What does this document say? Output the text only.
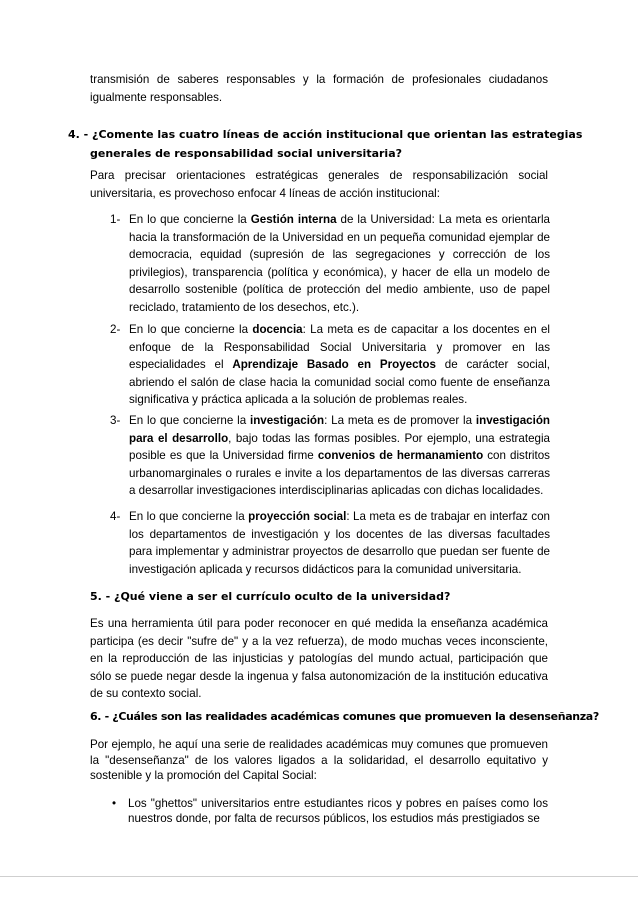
transmisión de saberes responsables y la formación de profesionales ciudadanos
igualmente responsables.

4. - ¿Comente las cuatro líneas de acción institucional que orientan las estrategias
generales de responsabilidad social universitaria?

Para precisar orientaciones estratégicas generales de responsabilización social universitaria, es provechoso enfocar 4 líneas de acción institucional:

1- En lo que concierne la Gestión interna de la Universidad: La meta es orientarla hacia la transformación de la Universidad en un pequeña comunidad ejemplar de democracia, equidad (supresión de las segregaciones y corrección de los privilegios), transparencia (política y económica), y hacer de ella un modelo de desarrollo sostenible (política de protección del medio ambiente, uso de papel reciclado, tratamiento de los desechos, etc.).
2- En lo que concierne la docencia: La meta es de capacitar a los docentes en el enfoque de la Responsabilidad Social Universitaria y promover en las especialidades el Aprendizaje Basado en Proyectos de carácter social, abriendo el salón de clase hacia la comunidad social como fuente de enseñanza significativa y práctica aplicada a la solución de problemas reales.
3- En lo que concierne la investigación: La meta es de promover la investigación para el desarrollo, bajo todas las formas posibles. Por ejemplo, una estrategia posible es que la Universidad firme convenios de hermanamiento con distritos urbanomarginales o rurales e invite a los departamentos de las diversas carreras a desarrollar investigaciones interdisciplinarias aplicadas con dichas localidades.
4- En lo que concierne la proyección social: La meta es de trabajar en interfaz con los departamentos de investigación y los docentes de las diversas facultades para implementar y administrar proyectos de desarrollo que puedan ser fuente de investigación aplicada y recursos didácticos para la comunidad universitaria.
5. - ¿Qué viene a ser el currículo oculto de la universidad?

Es una herramienta útil para poder reconocer en qué medida la enseñanza académica participa (es decir "sufre de" y a la vez refuerza), de modo muchas veces inconsciente, en la reproducción de las injusticias y patologías del mundo actual, participación que sólo se puede negar desde la ingenua y falsa autonomización de la institución educativa de su contexto social.

6. - ¿Cuáles son las realidades académicas comunes que promueven la desenseñanza?

Por ejemplo, he aquí una serie de realidades académicas muy comunes que promueven la "desenseñanza" de los valores ligados a la solidaridad, el desarrollo equitativo y sostenible y la promoción del Capital Social:

• Los "ghettos" universitarios entre estudiantes ricos y pobres en países como los nuestros donde, por falta de recursos públicos, los estudios más prestigiados se
